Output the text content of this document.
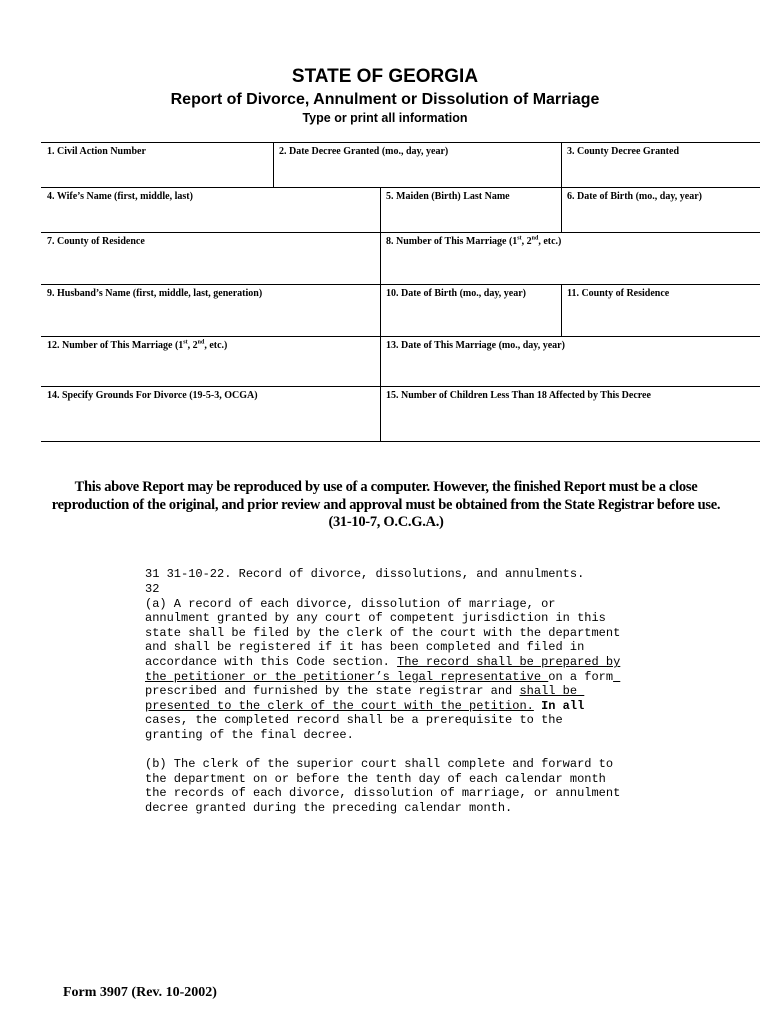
STATE OF GEORGIA
Report of Divorce, Annulment or Dissolution of Marriage
Type or print all information
1. Civil Action Number	2. Date Decree Granted (mo., day, year)	3. County Decree Granted
4. Wife’s Name (first, middle, last)	5. Maiden (Birth) Last Name	6. Date of Birth (mo., day, year)
7. County of Residence	8. Number of This Marriage (1st, 2nd, etc.)
9. Husband’s Name (first, middle, last, generation)	10. Date of Birth (mo., day, year)	11. County of Residence
12. Number of This Marriage (1st, 2nd, etc.)	13. Date of This Marriage (mo., day, year)
14. Specify Grounds For Divorce (19-5-3, OCGA)	15. Number of Children Less Than 18 Affected by This Decree
This above Report may be reproduced by use of a computer. However, the finished Report must be a close
reproduction of the original, and prior review and approval must be obtained from the State Registrar before use.
(31-10-7, O.C.G.A.)
31 31-10-22. Record of divorce, dissolutions, and annulments.
32
(a) A record of each divorce, dissolution of marriage, or
annulment granted by any court of competent jurisdiction in this
state shall be filed by the clerk of the court with the department
and shall be registered if it has been completed and filed in
accordance with this Code section. The record shall be prepared by
the petitioner or the petitioner’s legal representative on a form
prescribed and furnished by the state registrar and shall be
presented to the clerk of the court with the petition. In all
cases, the completed record shall be a prerequisite to the
granting of the final decree.
(b) The clerk of the superior court shall complete and forward to
the department on or before the tenth day of each calendar month
the records of each divorce, dissolution of marriage, or annulment
decree granted during the preceding calendar month.
Form 3907 (Rev. 10-2002)
